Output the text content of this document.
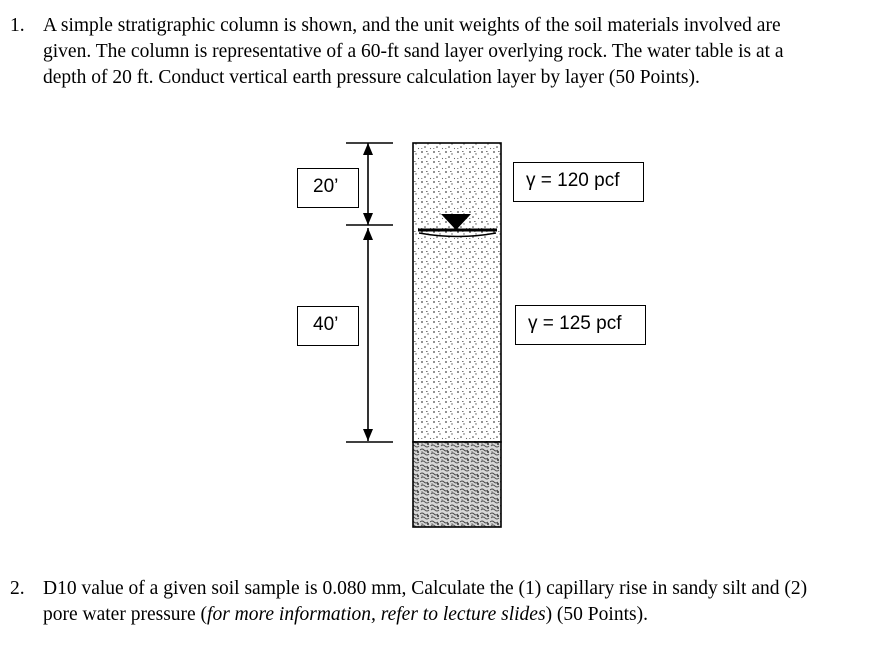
1. A simple stratigraphic column is shown, and the unit weights of the soil materials involved are
given. The column is representative of a 60-ft sand layer overlying rock. The water table is at a
depth of 20 ft. Conduct vertical earth pressure calculation layer by layer (50 Points).
20’
40’
γ = 120 pcf
γ = 125 pcf
2. D10 value of a given soil sample is 0.080 mm, Calculate the (1) capillary rise in sandy silt and (2)
pore water pressure (for more information, refer to lecture slides) (50 Points).
